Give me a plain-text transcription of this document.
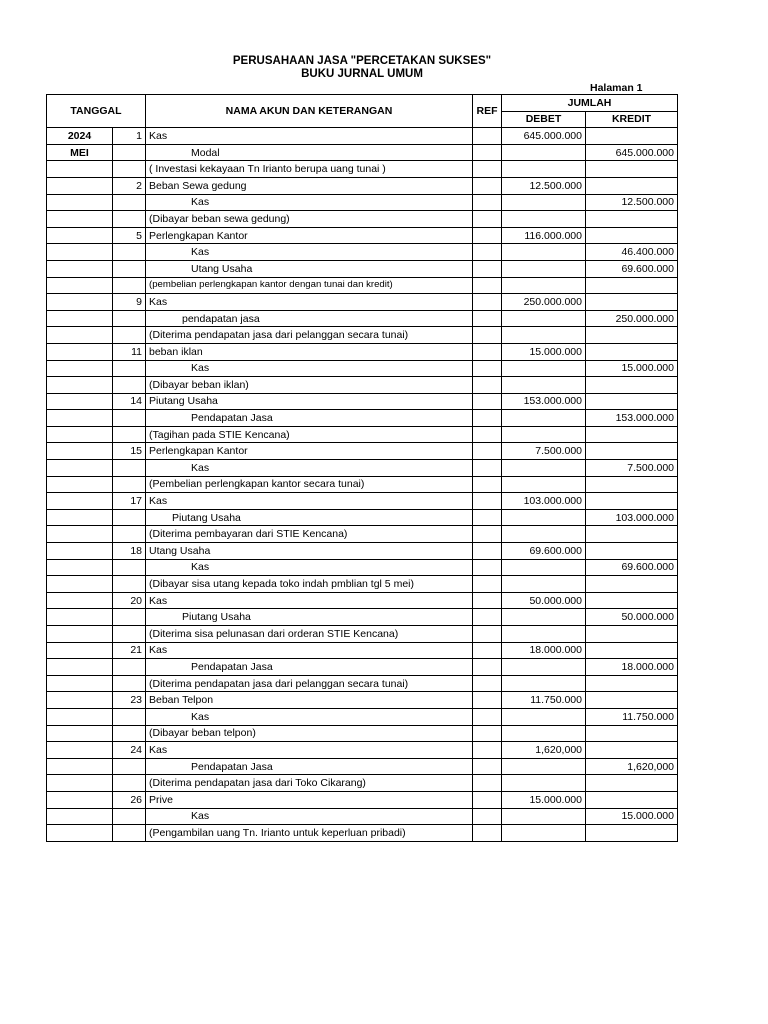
PERUSAHAAN JASA "PERCETAKAN SUKSES"
BUKU JURNAL UMUM
Halaman 1
TANGGAL		NAMA AKUN DAN KETERANGAN	REF	JUMLAH	
				DEBET	KREDIT
2024	1	Kas		645.000.000	
MEI		Modal			645.000.000
		( Investasi kekayaan Tn Irianto berupa uang tunai )			
	2	Beban Sewa gedung		12.500.000	
		Kas			12.500.000
		(Dibayar beban sewa gedung)			
	5	Perlengkapan Kantor		116.000.000	
		Kas			46.400.000
		Utang Usaha			69.600.000
		(pembelian perlengkapan kantor dengan tunai dan kredit)			
	9	Kas		250.000.000	
		pendapatan jasa			250.000.000
		(Diterima pendapatan jasa dari pelanggan secara tunai)			
	11	beban iklan		15.000.000	
		Kas			15.000.000
		(Dibayar beban iklan)			
	14	Piutang Usaha		153.000.000	
		Pendapatan Jasa			153.000.000
		(Tagihan pada STIE Kencana)			
	15	Perlengkapan Kantor		7.500.000	
		Kas			7.500.000
		(Pembelian perlengkapan kantor secara tunai)			
	17	Kas		103.000.000	
		Piutang Usaha			103.000.000
		(Diterima pembayaran dari STIE Kencana)			
	18	Utang Usaha		69.600.000	
		Kas			69.600.000
		(Dibayar sisa utang kepada toko indah pmblian tgl 5 mei)			
	20	Kas		50.000.000	
		Piutang Usaha			50.000.000
		(Diterima sisa pelunasan dari orderan STIE Kencana)			
	21	Kas		18.000.000	
		Pendapatan Jasa			18.000.000
		(Diterima pendapatan jasa dari pelanggan secara tunai)			
	23	Beban Telpon		11.750.000	
		Kas			11.750.000
		(Dibayar beban telpon)			
	24	Kas		1,620,000	
		Pendapatan Jasa			1,620,000
		(Diterima pendapatan jasa dari Toko Cikarang)			
	26	Prive		15.000.000	
		Kas			15.000.000
		(Pengambilan uang Tn. Irianto untuk keperluan pribadi)			
